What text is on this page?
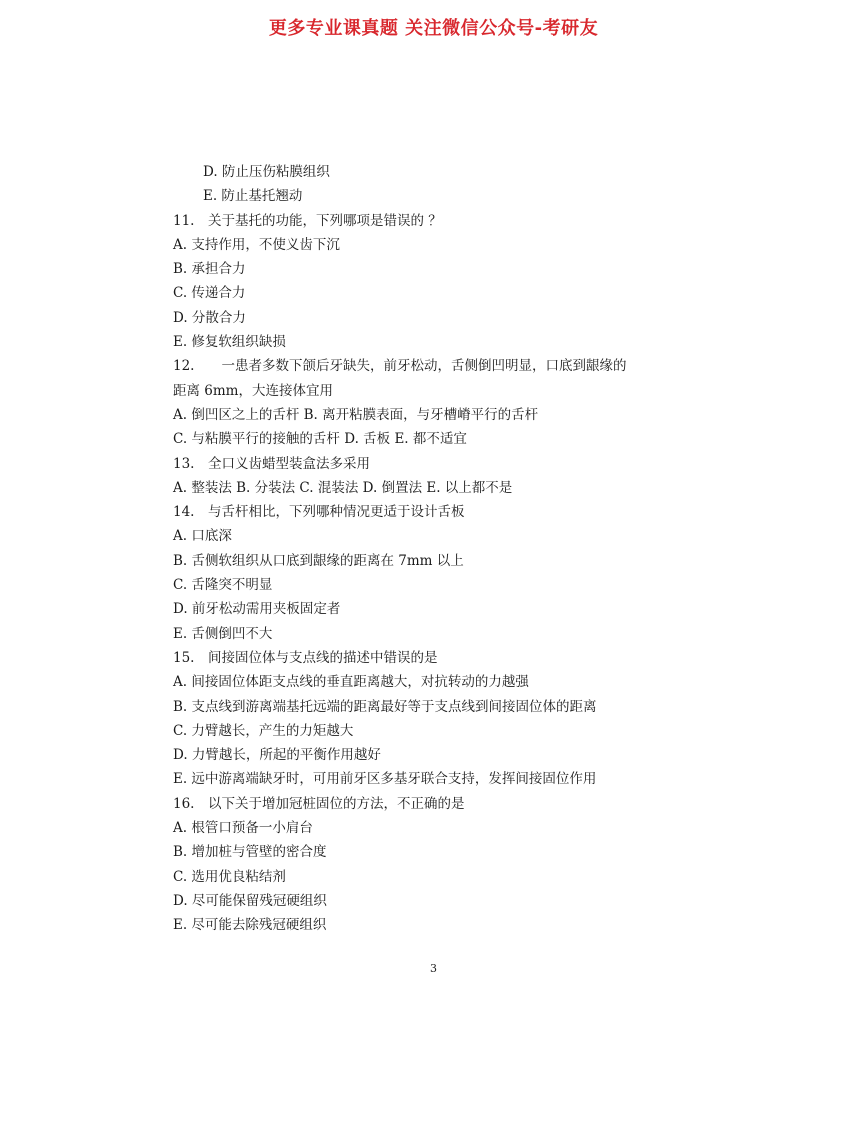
更多专业课真题 关注微信公众号-考研友
D. 防止压伤粘膜组织
E. 防止基托翘动
11.　关于基托的功能，下列哪项是错误的 ？
A. 支持作用，不使义齿下沉
B. 承担合力
C. 传递合力
D. 分散合力
E. 修复软组织缺损
12.　　一患者多数下颌后牙缺失，前牙松动，舌侧倒凹明显，口底到龈缘的
距离 6mm，大连接体宜用
A. 倒凹区之上的舌杆 B. 离开粘膜表面，与牙槽嵴平行的舌杆
C. 与粘膜平行的接触的舌杆 D. 舌板 E. 都不适宜
13.　全口义齿蜡型装盒法多采用
A. 整装法 B. 分装法 C. 混装法 D. 倒置法 E. 以上都不是
14.　与舌杆相比，下列哪种情况更适于设计舌板
A. 口底深
B. 舌侧软组织从口底到龈缘的距离在 7mm 以上
C. 舌隆突不明显
D. 前牙松动需用夹板固定者
E. 舌侧倒凹不大
15.　间接固位体与支点线的描述中错误的是
A. 间接固位体距支点线的垂直距离越大，对抗转动的力越强
B. 支点线到游离端基托远端的距离最好等于支点线到间接固位体的距离
C. 力臂越长，产生的力矩越大
D. 力臂越长，所起的平衡作用越好
E. 远中游离端缺牙时，可用前牙区多基牙联合支持，发挥间接固位作用
16.　以下关于增加冠桩固位的方法，不正确的是
A. 根管口预备一小肩台
B. 增加桩与管壁的密合度
C. 选用优良粘结剂
D. 尽可能保留残冠硬组织
E. 尽可能去除残冠硬组织
3
